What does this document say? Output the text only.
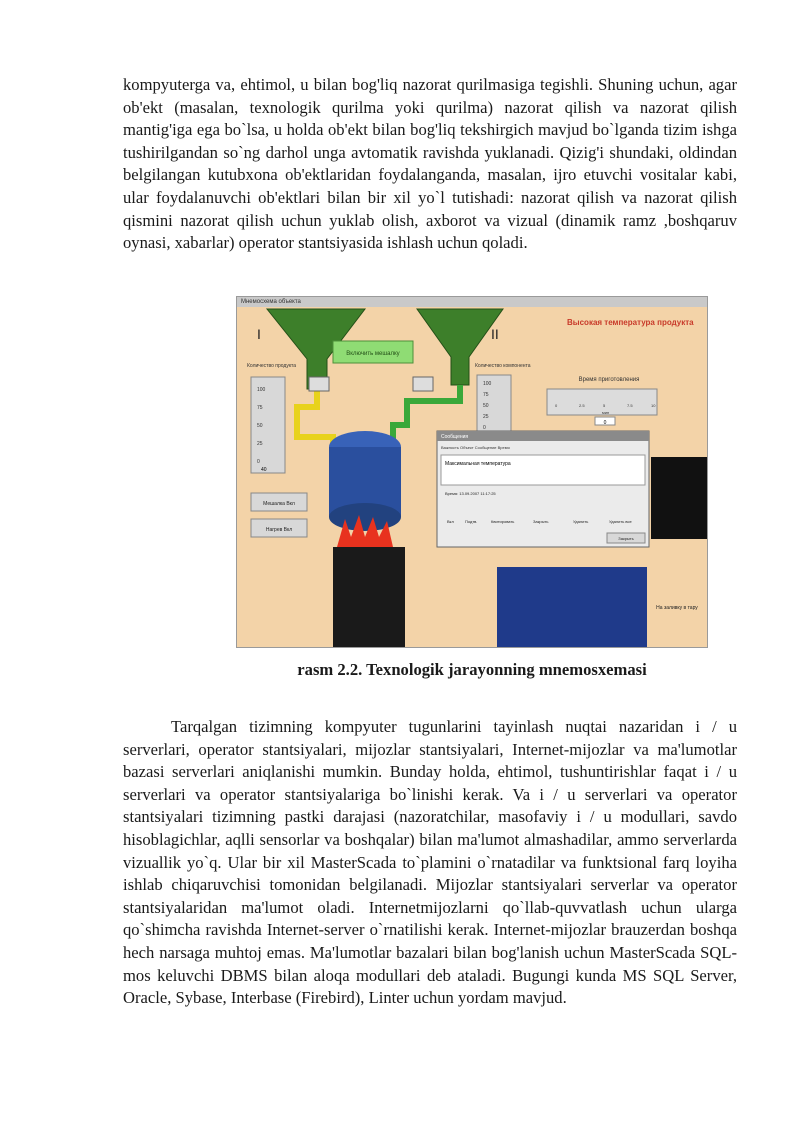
kompyuterga va, ehtimol, u bilan bog'liq nazorat qurilmasiga tegishli. Shuning uchun, agar ob'ekt (masalan, texnologik qurilma yoki qurilma) nazorat qilish va nazorat qilish mantig'iga ega bo`lsa, u holda ob'ekt bilan bog'liq tekshirgich mavjud bo`lganda tizim ishga tushirilgandan so`ng darhol unga avtomatik ravishda yuklanadi. Qizig'i shundaki, oldindan belgilangan kutubxona ob'ektlaridan foydalanganda, masalan, ijro etuvchi vositalar kabi, ular foydalanuvchi ob'ektlari bilan bir xil yo`l tutishadi: nazorat qilish va nazorat qilish qismini nazorat qilish uchun yuklab olish, axborot va vizual (dinamik ramz ,boshqaruv oynasi, xabarlar) operator stantsiyasida ishlash uchun qoladi.

Мнемосхема объекта
I	II
Включить мешалку
Высокая температура продукта
Количество продукта
40
Количество компонента
Время приготовления
0
Мешалка Вкл
Нагрев Вкл
Сообщения
Важность Объект Сообщение Время
Максимальная температура
Время: 13.09.2007 11:17:25
Вкл	Подтв.	Квитировать	Закрыть	Удалить	Удалить все
Закрыть
На заливку в тару
100
75
50
25
0
100
75
50
25
0
0	2.5	5	7.5	10
мин
rasm 2.2. Texnologik jarayonning mnemosxemasi

Tarqalgan tizimning kompyuter tugunlarini tayinlash nuqtai nazaridan i / u serverlari, operator stantsiyalari, mijozlar stantsiyalari, Internet-mijozlar va ma'lumotlar bazasi serverlari aniqlanishi mumkin. Bunday holda, ehtimol, tushuntirishlar faqat i / u serverlari va operator stantsiyalariga bo`linishi kerak. Va i / u serverlari va operator stantsiyalari tizimning pastki darajasi (nazoratchilar, masofaviy i / u modullari, savdo hisoblagichlar, aqlli sensorlar va boshqalar) bilan ma'lumot almashadilar, ammo serverlarda vizuallik yo`q. Ular bir xil MasterScada to`plamini o`rnatadilar va funktsional farq loyiha ishlab chiqaruvchisi tomonidan belgilanadi. Mijozlar stantsiyalari serverlar va operator stantsiyalaridan ma'lumot oladi. Internetmijozlarni qo`llab-quvvatlash uchun ularga qo`shimcha ravishda Internet-server o`rnatilishi kerak. Internet-mijozlar brauzerdan boshqa hech narsaga muhtoj emas. Ma'lumotlar bazalari bilan bog'lanish uchun MasterScada SQL-mos keluvchi DBMS bilan aloqa modullari deb ataladi. Bugungi kunda MS SQL Server, Oracle, Sybase, Interbase (Firebird), Linter uchun yordam mavjud.
